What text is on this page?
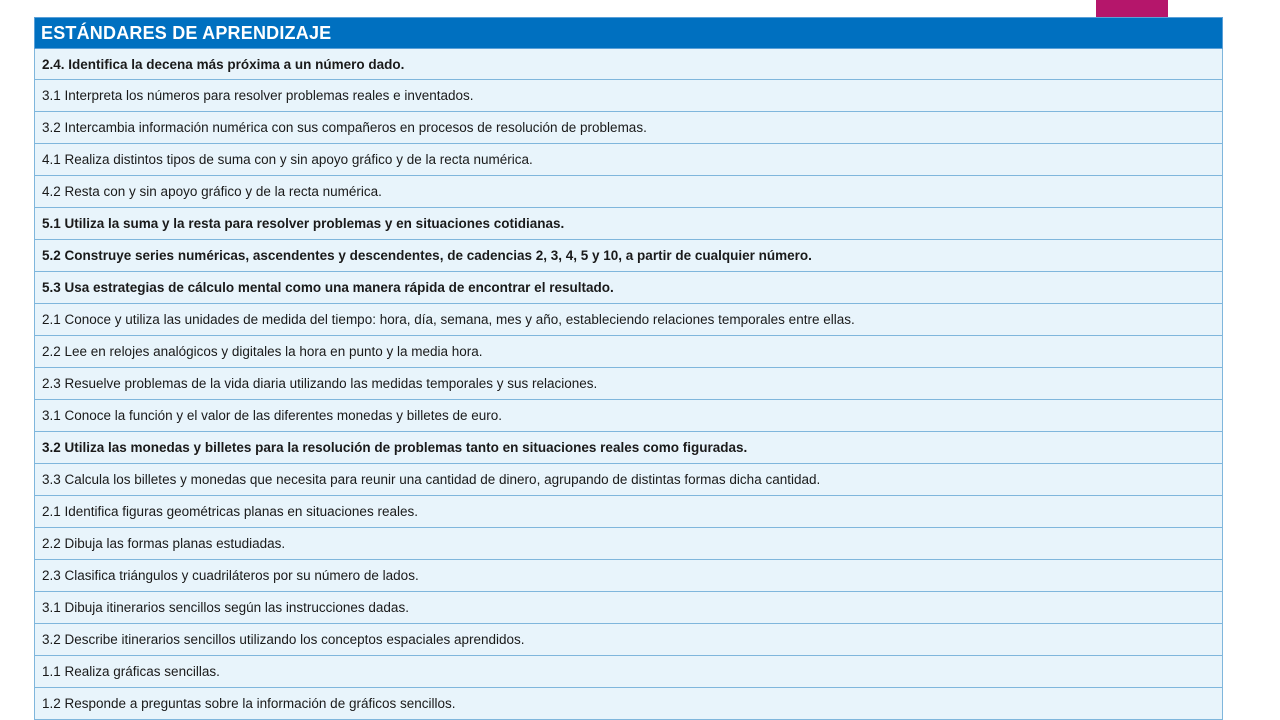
ESTÁNDARES DE APRENDIZAJE
2.4. Identifica la decena más próxima a un número dado.
3.1 Interpreta los números para resolver problemas reales e inventados.
3.2 Intercambia información numérica con sus compañeros en procesos de resolución de problemas.
4.1 Realiza distintos tipos de suma con y sin apoyo gráfico y de la recta numérica.
4.2 Resta con y sin apoyo gráfico y de la recta numérica.
5.1 Utiliza la suma y la resta para resolver problemas y en situaciones cotidianas.
5.2 Construye series numéricas, ascendentes y descendentes, de cadencias 2, 3, 4, 5 y 10, a partir de cualquier número.
5.3 Usa estrategias de cálculo mental como una manera rápida de encontrar el resultado.
2.1 Conoce y utiliza las unidades de medida del tiempo: hora, día, semana, mes y año, estableciendo relaciones temporales entre ellas.
2.2 Lee en relojes analógicos y digitales la hora en punto y la media hora.
2.3 Resuelve problemas de la vida diaria utilizando las medidas temporales y sus relaciones.
3.1 Conoce la función y el valor de las diferentes monedas y billetes de euro.
3.2 Utiliza las monedas y billetes para la resolución de problemas tanto en situaciones reales como figuradas.
3.3 Calcula los billetes y monedas que necesita para reunir una cantidad de dinero, agrupando de distintas formas dicha cantidad.
2.1 Identifica figuras geométricas planas en situaciones reales.
2.2 Dibuja las formas planas estudiadas.
2.3 Clasifica triángulos y cuadriláteros por su número de lados.
3.1 Dibuja itinerarios sencillos según las instrucciones dadas.
3.2 Describe itinerarios sencillos utilizando los conceptos espaciales aprendidos.
1.1 Realiza gráficas sencillas.
1.2 Responde a preguntas sobre la información de gráficos sencillos.
